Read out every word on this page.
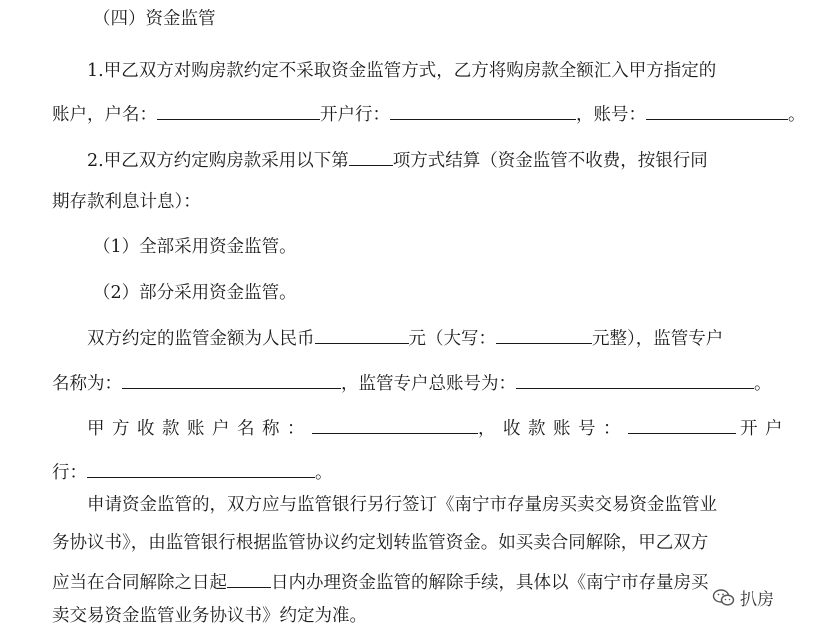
（四）资金监管
1.甲乙双方对购房款约定不采取资金监管方式，乙方将购房款全额汇入甲方指定的
账户，户名：	开户行：	，账号：	。
2.甲乙双方约定购房款采用以下第	项方式结算（资金监管不收费，按银行同
期存款利息计息）：
（1）全部采用资金监管。
（2）部分采用资金监管。
双方约定的监管金额为人民币	元（大写：	元整），监管专户
名称为：	，监管专户总账号为：	。
甲方收款账户名称：	，收款账号：	开户
行：	。
申请资金监管的，双方应与监管银行另行签订《南宁市存量房买卖交易资金监管业
务协议书》，由监管银行根据监管协议约定划转监管资金。如买卖合同解除，甲乙双方
应当在合同解除之日起	日内办理资金监管的解除手续，具体以《南宁市存量房买
卖交易资金监管业务协议书》约定为准。
扒房
